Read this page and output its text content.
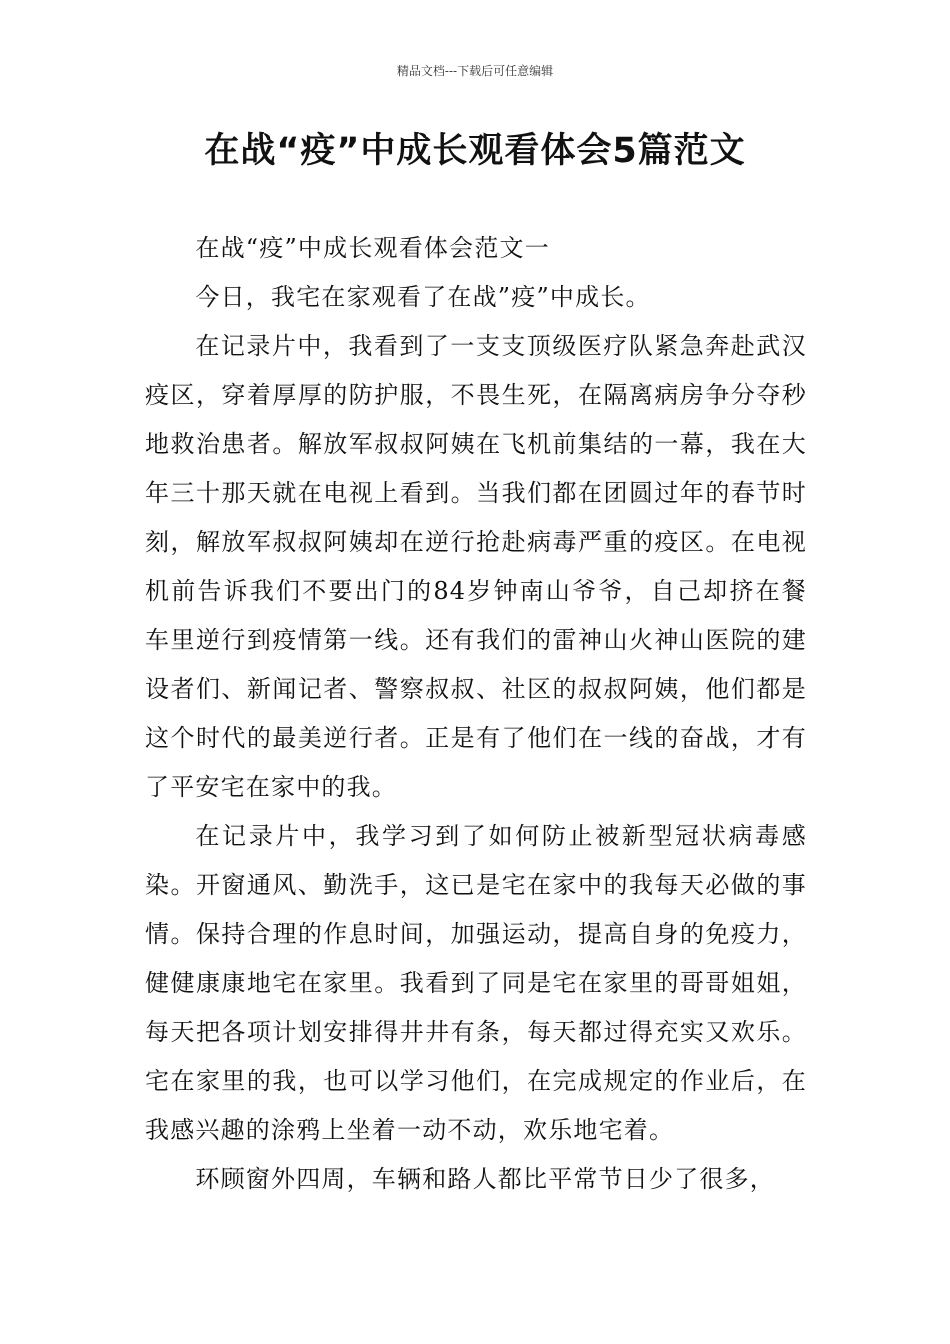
精品文档---下载后可任意编辑
在战“疫”中成长观看体会5篇范文

在战“疫”中成长观看体会范文一

今日，我宅在家观看了在战”疫”中成长。

在记录片中，我看到了一支支顶级医疗队紧急奔赴武汉疫区，穿着厚厚的防护服，不畏生死，在隔离病房争分夺秒地救治患者。解放军叔叔阿姨在飞机前集结的一幕，我在大年三十那天就在电视上看到。当我们都在团圆过年的春节时刻，解放军叔叔阿姨却在逆行抢赴病毒严重的疫区。在电视机前告诉我们不要出门的84岁钟南山爷爷，自己却挤在餐车里逆行到疫情第一线。还有我们的雷神山火神山医院的建设者们、新闻记者、警察叔叔、社区的叔叔阿姨，他们都是这个时代的最美逆行者。正是有了他们在一线的奋战，才有了平安宅在家中的我。

在记录片中，我学习到了如何防止被新型冠状病毒感染。开窗通风、勤洗手，这已是宅在家中的我每天必做的事情。保持合理的作息时间，加强运动，提高自身的免疫力，健健康康地宅在家里。我看到了同是宅在家里的哥哥姐姐，每天把各项计划安排得井井有条，每天都过得充实又欢乐。宅在家里的我，也可以学习他们，在完成规定的作业后，在我感兴趣的涂鸦上坐着一动不动，欢乐地宅着。

环顾窗外四周，车辆和路人都比平常节日少了很多，
